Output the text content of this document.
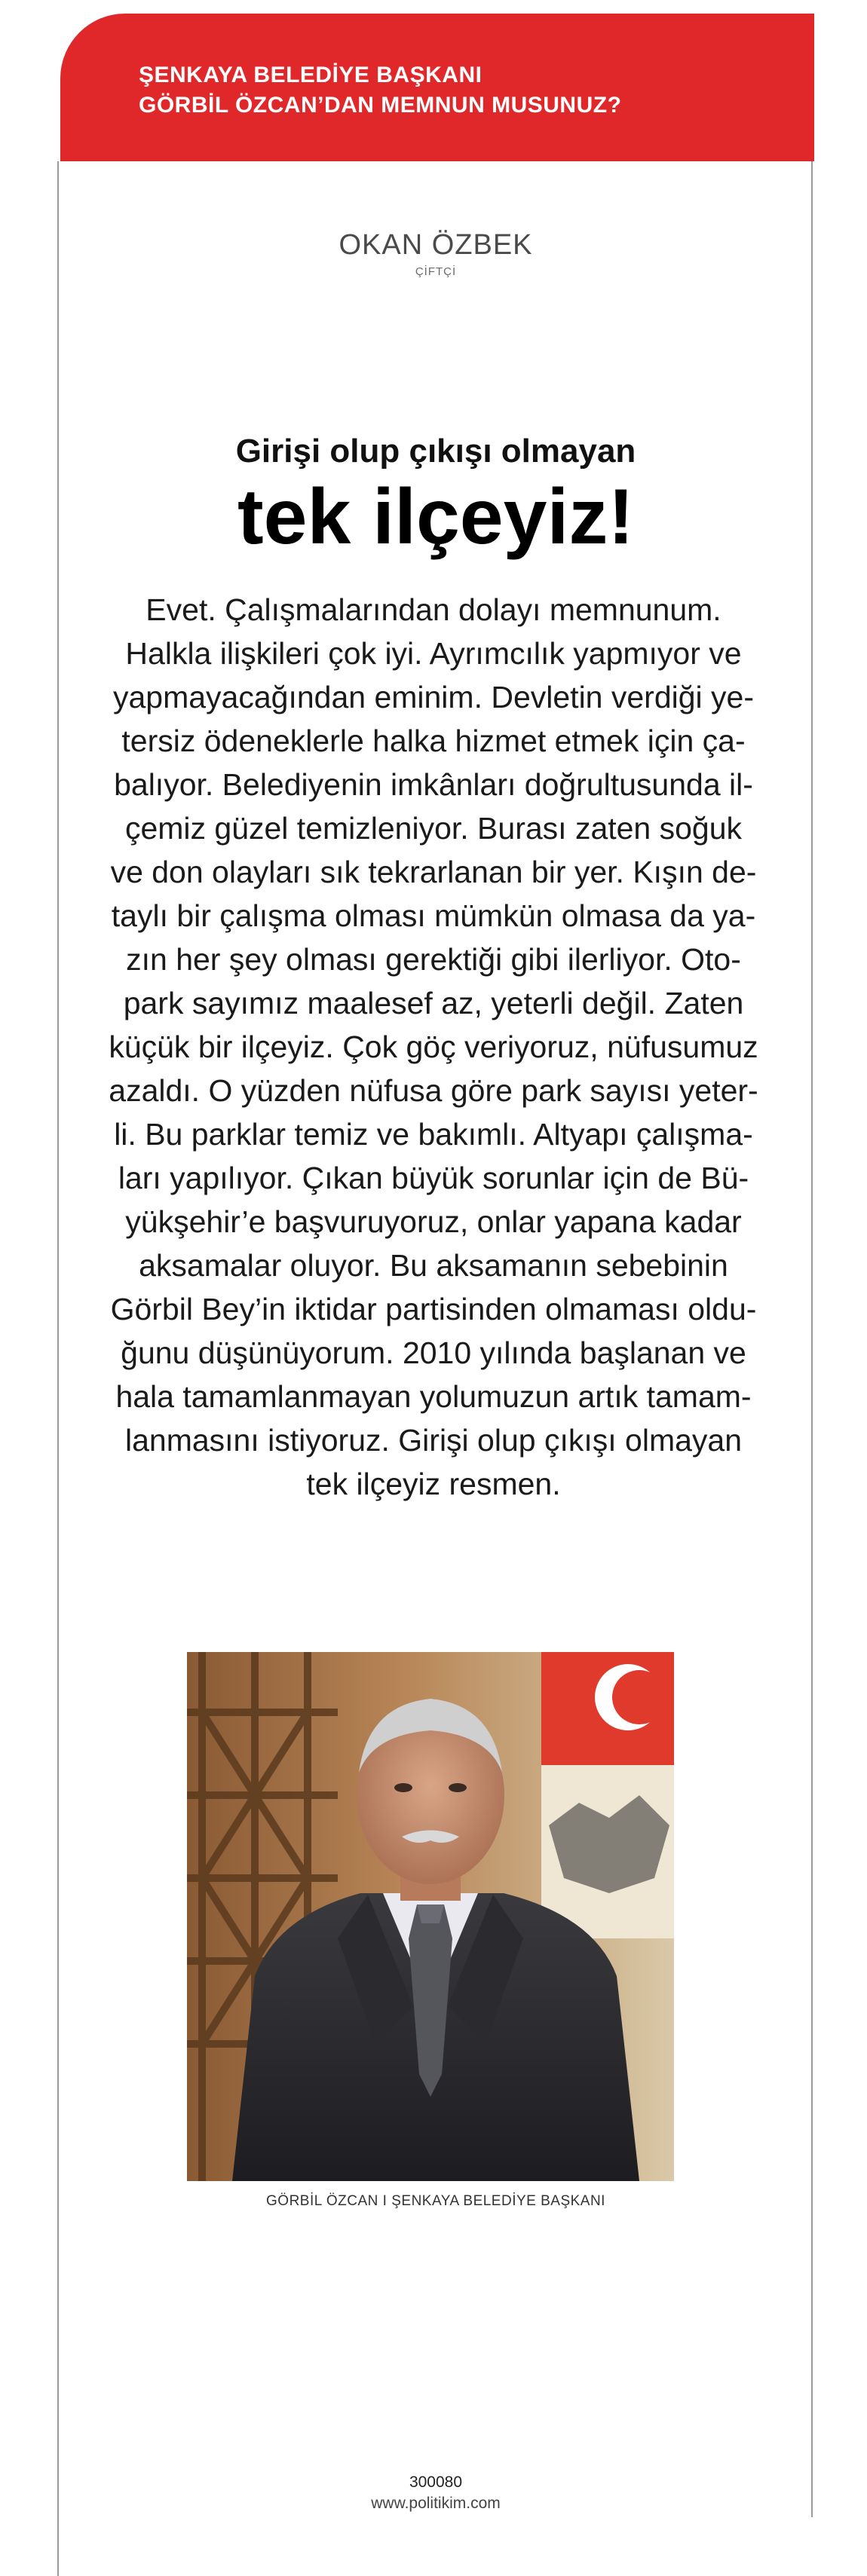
ŞENKAYA BELEDİYE BAŞKANI
GÖRBİL ÖZCAN’DAN MEMNUN MUSUNUZ?
OKAN ÖZBEK
ÇİFTÇİ
Girişi olup çıkışı olmayan
tek ilçeyiz!
Evet. Çalışmalarından dolayı memnunum.
Halkla ilişkileri çok iyi. Ayrımcılık yapmıyor ve
yapmayacağından eminim. Devletin verdiği ye-
tersiz ödeneklerle halka hizmet etmek için ça-
balıyor. Belediyenin imkânları doğrultusunda il-
çemiz güzel temizleniyor. Burası zaten soğuk
ve don olayları sık tekrarlanan bir yer. Kışın de-
taylı bir çalışma olması mümkün olmasa da ya-
zın her şey olması gerektiği gibi ilerliyor. Oto-
park sayımız maalesef az, yeterli değil. Zaten
küçük bir ilçeyiz. Çok göç veriyoruz, nüfusumuz
azaldı. O yüzden nüfusa göre park sayısı yeter-
li. Bu parklar temiz ve bakımlı. Altyapı çalışma-
ları yapılıyor. Çıkan büyük sorunlar için de Bü-
yükşehir’e başvuruyoruz, onlar yapana kadar
aksamalar oluyor. Bu aksamanın sebebinin
Görbil Bey’in iktidar partisinden olmaması oldu-
ğunu düşünüyorum. 2010 yılında başlanan ve
hala tamamlanmayan yolumuzun artık tamam-
lanmasını istiyoruz. Girişi olup çıkışı olmayan
tek ilçeyiz resmen.
GÖRBİL ÖZCAN I ŞENKAYA BELEDİYE BAŞKANI
300080
www.politikim.com
